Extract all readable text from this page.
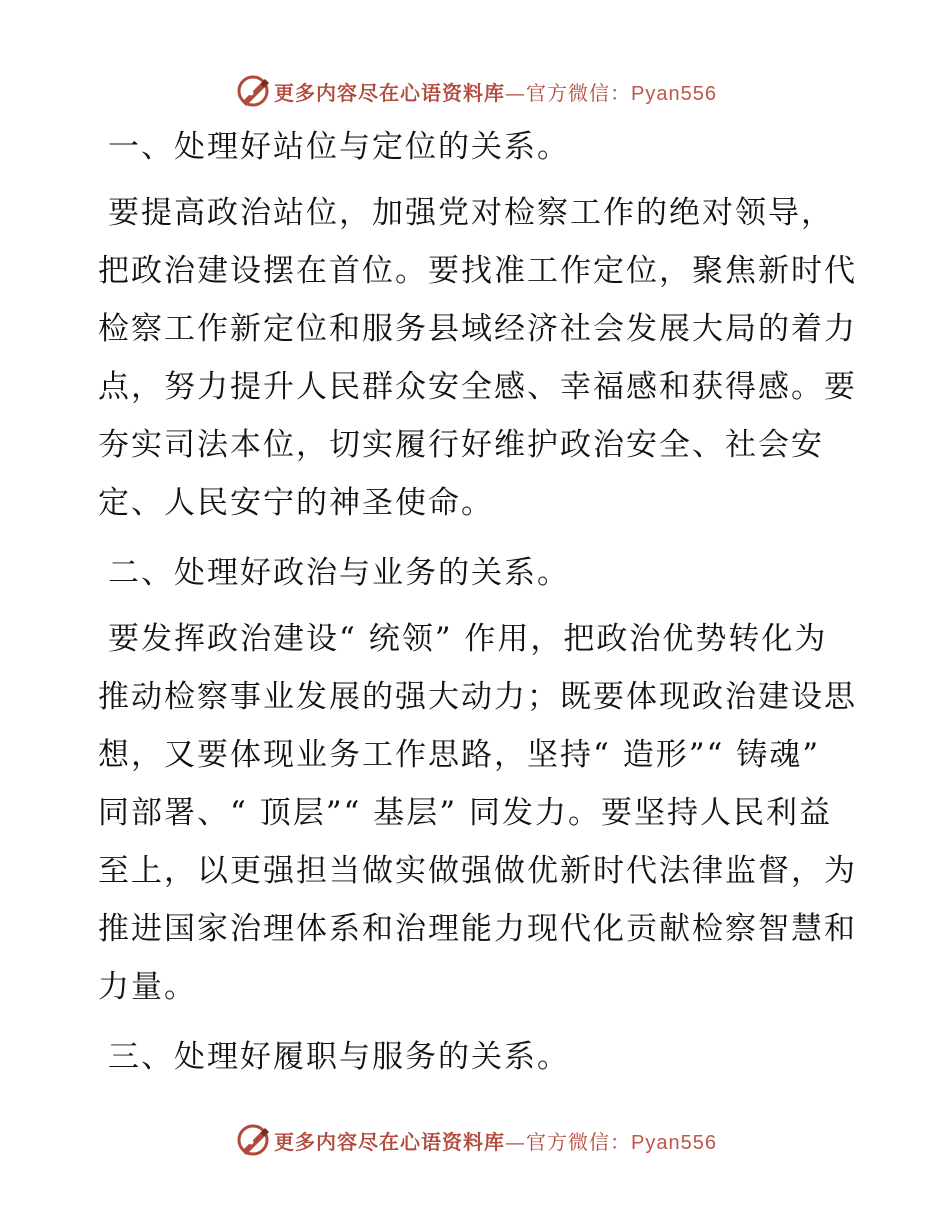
更多内容尽在心语资料库—官方微信：Pyan556
一、处理好站位与定位的关系。
要提高政治站位，加强党对检察工作的绝对领导，把政治建设摆在首位。要找准工作定位，聚焦新时代检察工作新定位和服务县域经济社会发展大局的着力点，努力提升人民群众安全感、幸福感和获得感。要夯实司法本位，切实履行好维护政治安全、社会安定、人民安宁的神圣使命。
二、处理好政治与业务的关系。
要发挥政治建设“ 统领” 作用，把政治优势转化为推动检察事业发展的强大动力；既要体现政治建设思想，又要体现业务工作思路，坚持“ 造形”“ 铸魂” 同部署、“ 顶层”“ 基层” 同发力。要坚持人民利益至上，以更强担当做实做强做优新时代法律监督，为推进国家治理体系和治理能力现代化贡献检察智慧和力量。
三、处理好履职与服务的关系。
更多内容尽在心语资料库—官方微信：Pyan556
